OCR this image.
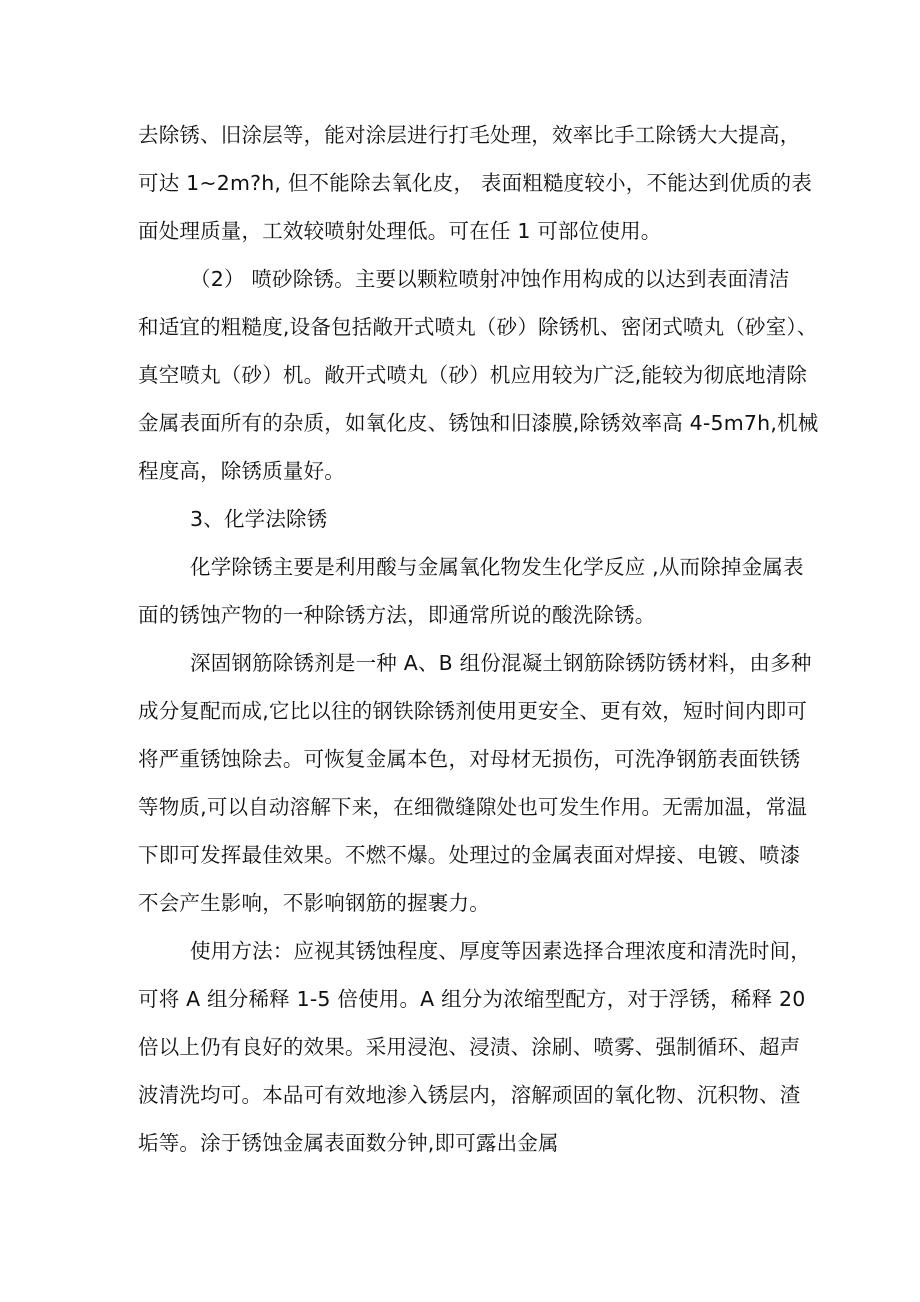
去除锈、旧涂层等，能对涂层进行打毛处理，效率比手工除锈大大提高，
可达 1~2m?h, 但不能除去氧化皮， 表面粗糙度较小，不能达到优质的表
面处理质量，工效较喷射处理低。可在任 1 可部位使用。
（2） 喷砂除锈。主要以颗粒喷射冲蚀作用构成的以达到表面清洁
和适宜的粗糙度,设备包括敞开式喷丸（砂）除锈机、密闭式喷丸（砂室）、
真空喷丸（砂）机。敞开式喷丸（砂）机应用较为广泛,能较为彻底地清除
金属表面所有的杂质，如氧化皮、锈蚀和旧漆膜,除锈效率高 4-5m7h,机械
程度高，除锈质量好。
3、化学法除锈
化学除锈主要是利用酸与金属氧化物发生化学反应 ,从而除掉金属表
面的锈蚀产物的一种除锈方法，即通常所说的酸洗除锈。
深固钢筋除锈剂是一种 A、B 组份混凝土钢筋除锈防锈材料，由多种
成分复配而成,它比以往的钢铁除锈剂使用更安全、更有效，短时间内即可
将严重锈蚀除去。可恢复金属本色，对母材无损伤，可洗净钢筋表面铁锈
等物质,可以自动溶解下来，在细微缝隙处也可发生作用。无需加温，常温
下即可发挥最佳效果。不燃不爆。处理过的金属表面对焊接、电镀、喷漆
不会产生影响，不影响钢筋的握裹力。
使用方法：应视其锈蚀程度、厚度等因素选择合理浓度和清洗时间，
可将 A 组分稀释 1-5 倍使用。A 组分为浓缩型配方，对于浮锈，稀释 20
倍以上仍有良好的效果。采用浸泡、浸渍、涂刷、喷雾、强制循环、超声
波清洗均可。本品可有效地渗入锈层内，溶解顽固的氧化物、沉积物、渣
垢等。涂于锈蚀金属表面数分钟,即可露出金属
